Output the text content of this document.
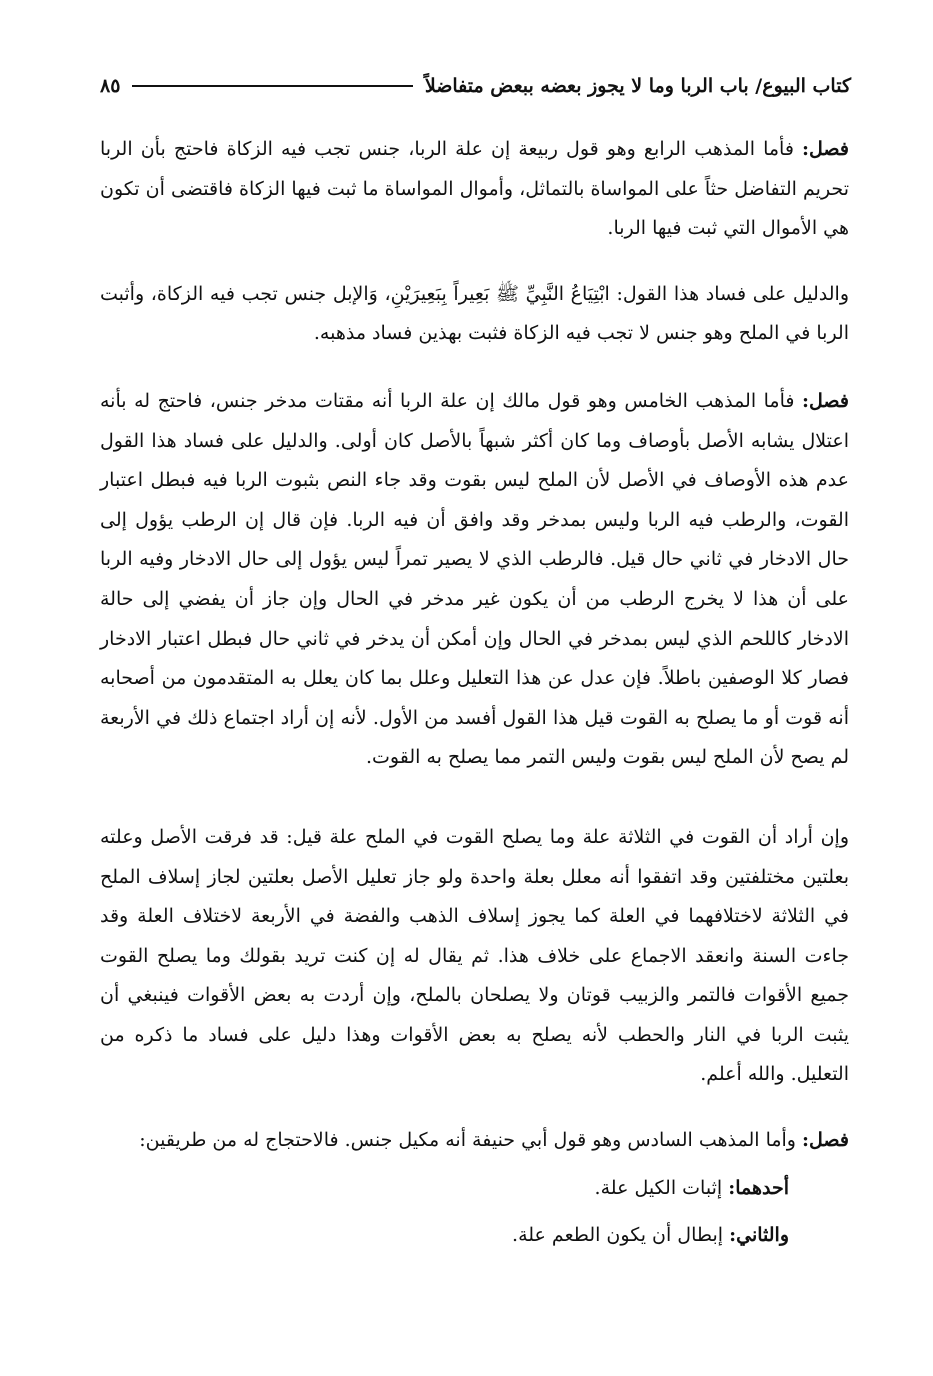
كتاب البيوع/ باب الربا وما لا يجوز بعضه ببعض متفاضلاً
٨٥

فصل: فأما المذهب الرابع وهو قول ربيعة إن علة الربا، جنس تجب فيه الزكاة فاحتج بأن الربا تحريم التفاضل حثاً على المواساة بالتماثل، وأموال المواساة ما ثبت فيها الزكاة فاقتضى أن تكون هي الأموال التي ثبت فيها الربا.

والدليل على فساد هذا القول: ابْتِيَاعُ النَّبِيِّ ﷺ بَعِيراً بِبَعِيرَيْنِ، وَالإبل جنس تجب فيه الزكاة، وأثبت الربا في الملح وهو جنس لا تجب فيه الزكاة فثبت بهذين فساد مذهبه.

فصل: فأما المذهب الخامس وهو قول مالك إن علة الربا أنه مقتات مدخر جنس، فاحتج له بأنه اعتلال يشابه الأصل بأوصاف وما كان أكثر شبهاً بالأصل كان أولى. والدليل على فساد هذا القول عدم هذه الأوصاف في الأصل لأن الملح ليس بقوت وقد جاء النص بثبوت الربا فيه فبطل اعتبار القوت، والرطب فيه الربا وليس بمدخر وقد وافق أن فيه الربا. فإن قال إن الرطب يؤول إلى حال الادخار في ثاني حال قيل. فالرطب الذي لا يصير تمراً ليس يؤول إلى حال الادخار وفيه الربا على أن هذا لا يخرج الرطب من أن يكون غير مدخر في الحال وإن جاز أن يفضي إلى حالة الادخار كاللحم الذي ليس بمدخر في الحال وإن أمكن أن يدخر في ثاني حال فبطل اعتبار الادخار فصار كلا الوصفين باطلاً. فإن عدل عن هذا التعليل وعلل بما كان يعلل به المتقدمون من أصحابه أنه قوت أو ما يصلح به القوت قيل هذا القول أفسد من الأول. لأنه إن أراد اجتماع ذلك في الأربعة لم يصح لأن الملح ليس بقوت وليس التمر مما يصلح به القوت.

وإن أراد أن القوت في الثلاثة علة وما يصلح القوت في الملح علة قيل: قد فرقت الأصل وعلته بعلتين مختلفتين وقد اتفقوا أنه معلل بعلة واحدة ولو جاز تعليل الأصل بعلتين لجاز إسلاف الملح في الثلاثة لاختلافهما في العلة كما يجوز إسلاف الذهب والفضة في الأربعة لاختلاف العلة وقد جاءت السنة وانعقد الاجماع على خلاف هذا. ثم يقال له إن كنت تريد بقولك وما يصلح القوت جميع الأقوات فالتمر والزبيب قوتان ولا يصلحان بالملح، وإن أردت به بعض الأقوات فينبغي أن يثبت الربا في النار والحطب لأنه يصلح به بعض الأقوات وهذا دليل على فساد ما ذكره من التعليل. والله أعلم.

فصل: وأما المذهب السادس وهو قول أبي حنيفة أنه مكيل جنس. فالاحتجاج له من طريقين:

أحدهما: إثبات الكيل علة.

والثاني: إبطال أن يكون الطعم علة.
